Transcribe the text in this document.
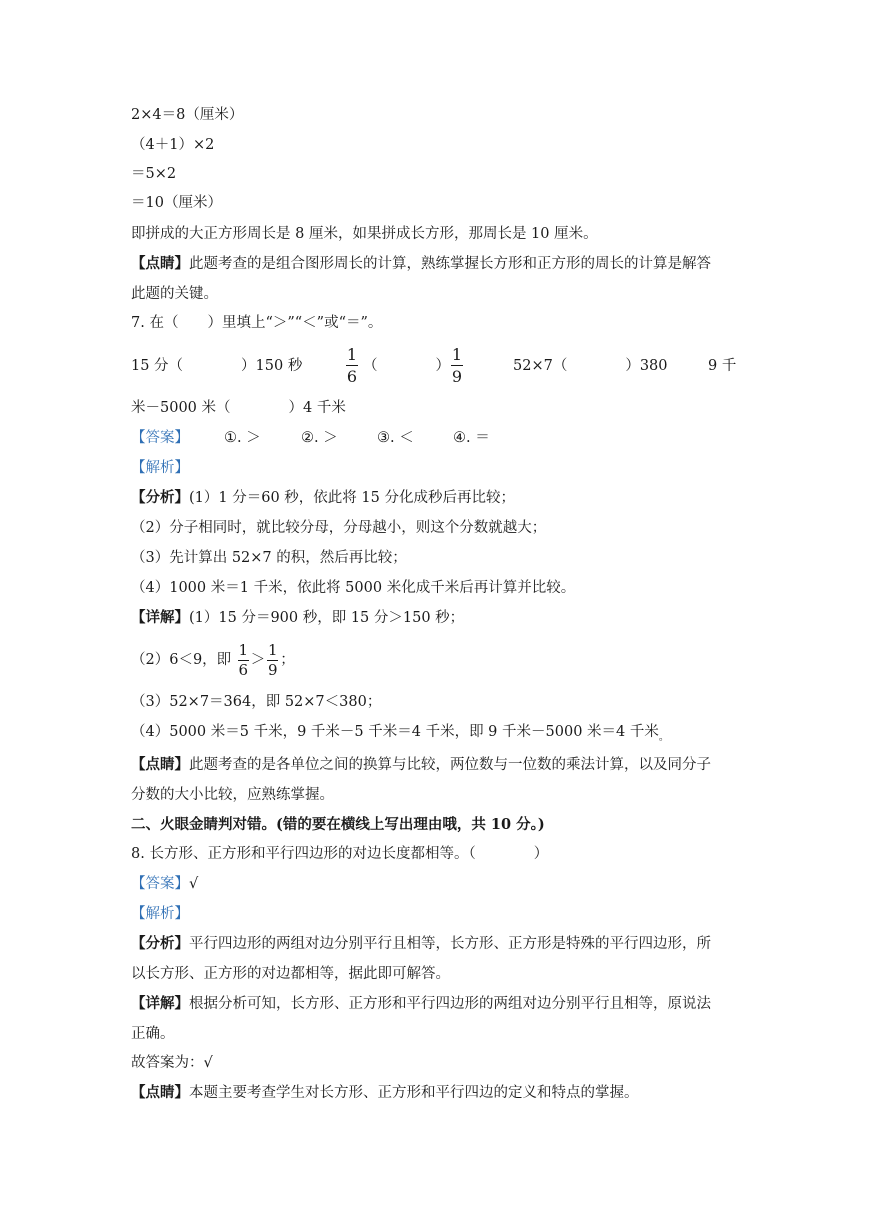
2×4＝8（厘米）
（4＋1）×2
＝5×2
＝10（厘米）
即拼成的大正方形周长是 8 厘米，如果拼成长方形，那周长是 10 厘米。
【点睛】此题考查的是组合图形周长的计算，熟练掌握长方形和正方形的周长的计算是解答
此题的关键。
7. 在（　　）里填上“＞”“＜”或“＝”。
15 分（　　　　）150 秒
1
6
（　　　　）
1
9
52×7（　　　　）380	9 千
米－5000 米（　　　　）4 千米
【答案】 ①. ＞	②. ＞	③. ＜	④. ＝
【解析】
【分析】(1）1 分＝60 秒，依此将 15 分化成秒后再比较；
（2）分子相同时，就比较分母，分母越小，则这个分数就越大；
（3）先计算出 52×7 的积，然后再比较；
（4）1000 米＝1 千米，依此将 5000 米化成千米后再计算并比较。
【详解】(1）15 分＝900 秒，即 15 分＞150 秒；
（2）6＜9，即 $\frac{1}{6} > \frac{1}{9}$ ；
（3）52×7＝364，即 52×7＜380；
（4）5000 米＝5 千米，9 千米－5 千米＝4 千米，即 9 千米－5000 米＝4 千米$_。$
【点睛】此题考查的是各单位之间的换算与比较，两位数与一位数的乘法计算，以及同分子
分数的大小比较，应熟练掌握。
二、火眼金睛判对错。(错的要在横线上写出理由哦，共 10 分。)
8. 长方形、正方形和平行四边形的对边长度都相等。（　　　　）
【答案】√
【解析】
【分析】平行四边形的两组对边分别平行且相等，长方形、正方形是特殊的平行四边形，所
以长方形、正方形的对边都相等，据此即可解答。
【详解】根据分析可知，长方形、正方形和平行四边形的两组对边分别平行且相等，原说法
正确。
故答案为：√
【点睛】本题主要考查学生对长方形、正方形和平行四边的定义和特点的掌握。
